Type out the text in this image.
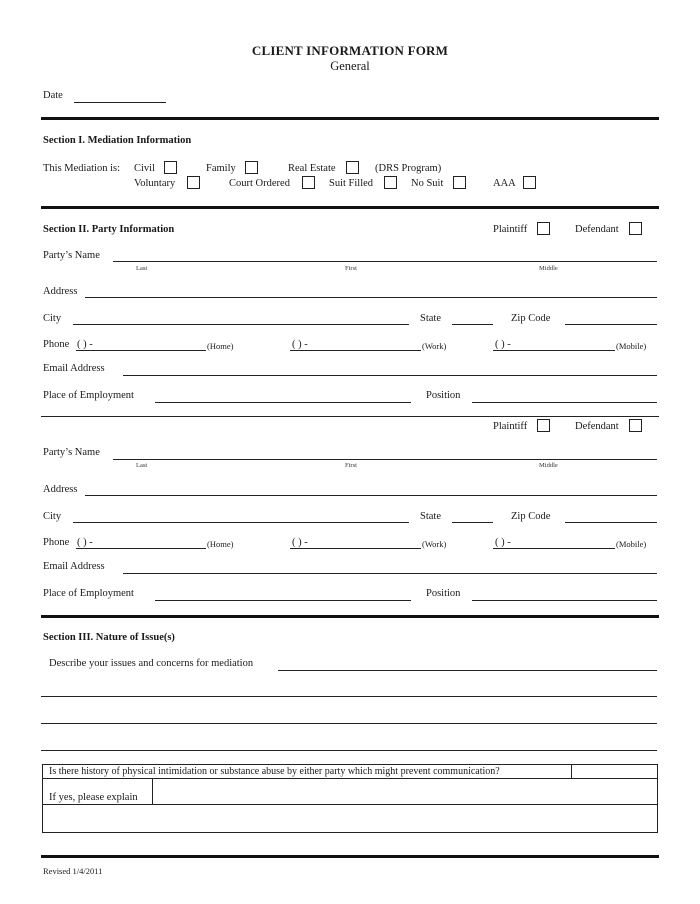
CLIENT INFORMATION FORM
General
Date
Section I. Mediation Information
This Mediation is: Civil	Family	Real Estate	(DRS Program)
Voluntary	Court Ordered	Suit Filled	No Suit	AAA
Section II. Party Information	Plaintiff	Defendant
Party’s Name
Last	First	Middle
Address
City	State	Zip Code
Phone ( ) -	(Home)	( ) -	(Work)	( ) -	(Mobile)
Email Address
Place of Employment	Position
Plaintiff	Defendant
Party’s Name
Last	First	Middle
Address
City	State	Zip Code
Phone ( ) -	(Home)	( ) -	(Work)	( ) -	(Mobile)
Email Address
Place of Employment	Position
Section III. Nature of Issue(s)
Describe your issues and concerns for mediation
Is there history of physical intimidation or substance abuse by either party which might prevent communication?
If yes, please explain
Revised 1/4/2011
